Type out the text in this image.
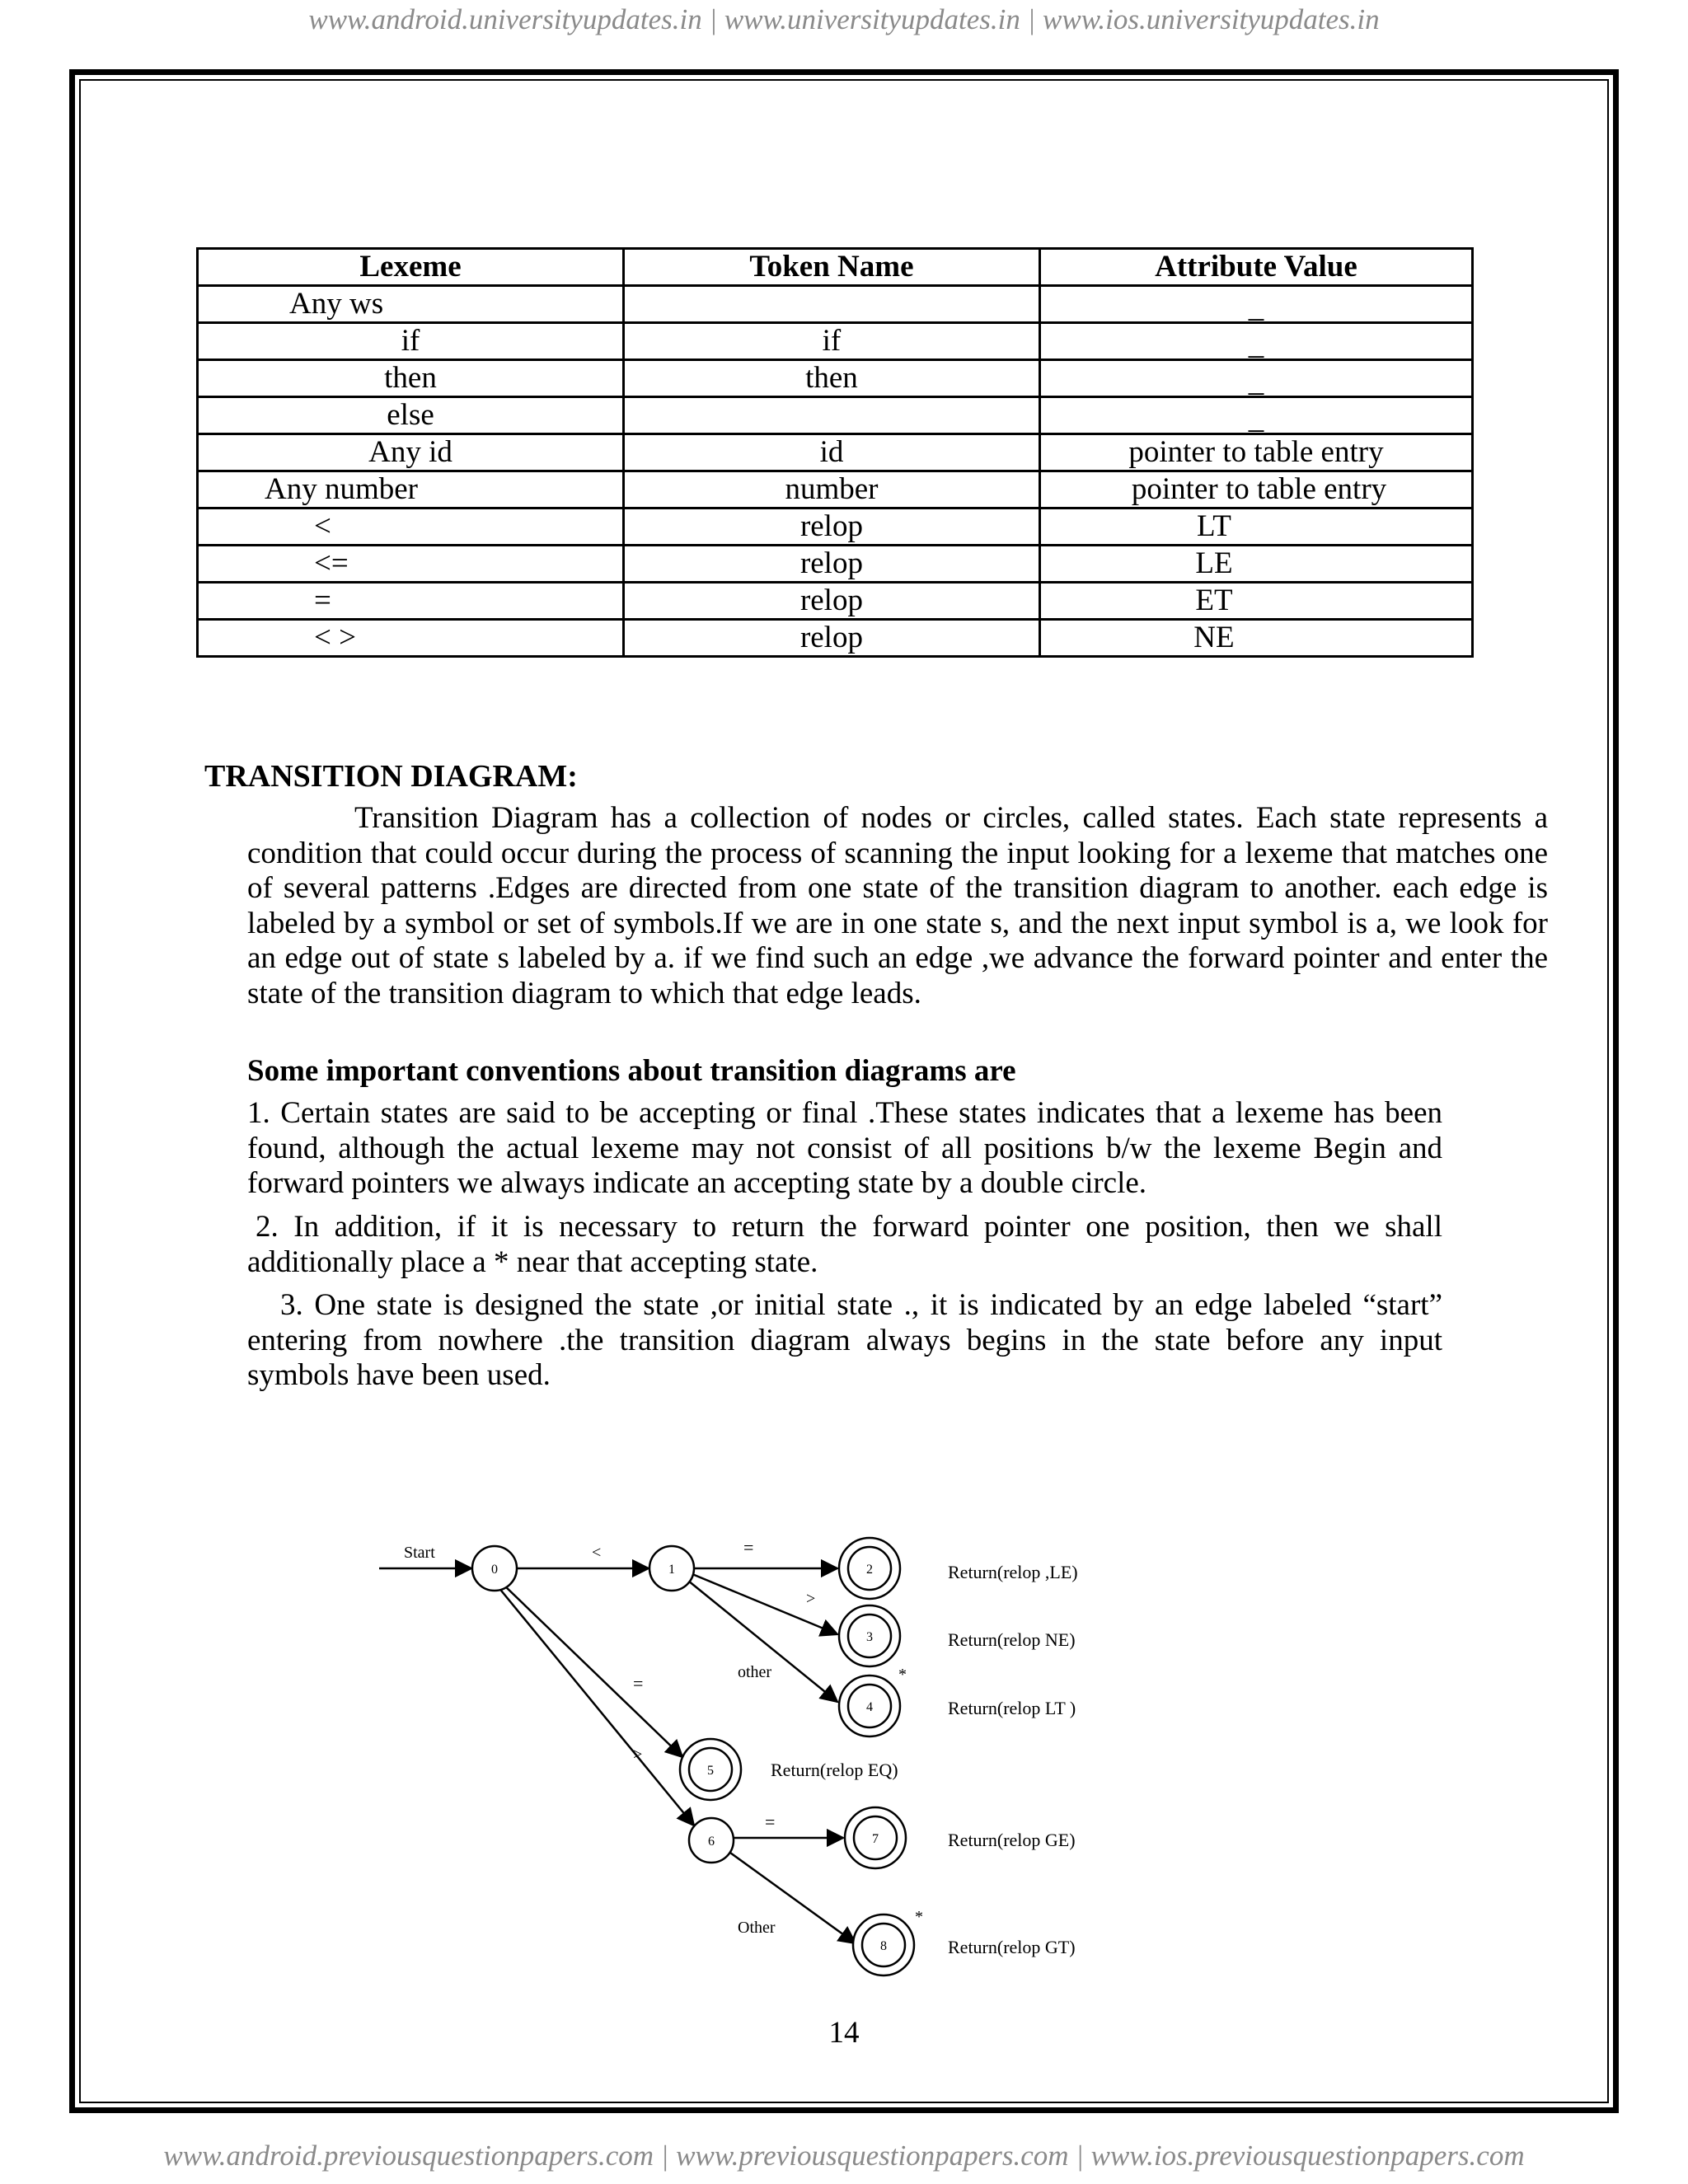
www.android.universityupdates.in | www.universityupdates.in | www.ios.universityupdates.in
Lexeme	Token Name	Attribute Value
Any ws		_
if	if	_
then	then	_
else		_
Any id	id	pointer to table entry
Any number	number	pointer to table entry
<	relop	LT
<=	relop	LE
=	relop	ET
< >	relop	NE
TRANSITION DIAGRAM:
Transition Diagram has a collection of nodes or circles, called states. Each state represents a condition that could occur during the process of scanning the input looking for a lexeme that matches one of several patterns .Edges are directed from one state of the transition diagram to another. each edge is labeled by a symbol or set of symbols.If we are in one state s, and the next input symbol is a, we look for an edge out of state s labeled by a. if we find such an edge ,we advance the forward pointer and enter the state of the transition diagram to which that edge leads.
Some important conventions about transition diagrams are
1. Certain states are said to be accepting or final .These states indicates that a lexeme has been found, although the actual lexeme may not consist of all positions b/w the lexeme Begin and forward pointers we always indicate an accepting state by a double circle.
2. In addition, if it is necessary to return the forward pointer one position, then we shall additionally place a * near that accepting state.
3. One state is designed the state ,or initial state ., it is indicated by an edge labeled “start” entering from nowhere .the transition diagram always begins in the state before any input symbols have been used.
Start	<	=
>
other
=
>
=
Other
0	1	2
3
4
*
5
6	7
8
*
Return(relop ,LE)
Return(relop NE)
Return(relop LT )
Return(relop EQ)
Return(relop GE)
Return(relop GT)
14
www.android.previousquestionpapers.com | www.previousquestionpapers.com | www.ios.previousquestionpapers.com
